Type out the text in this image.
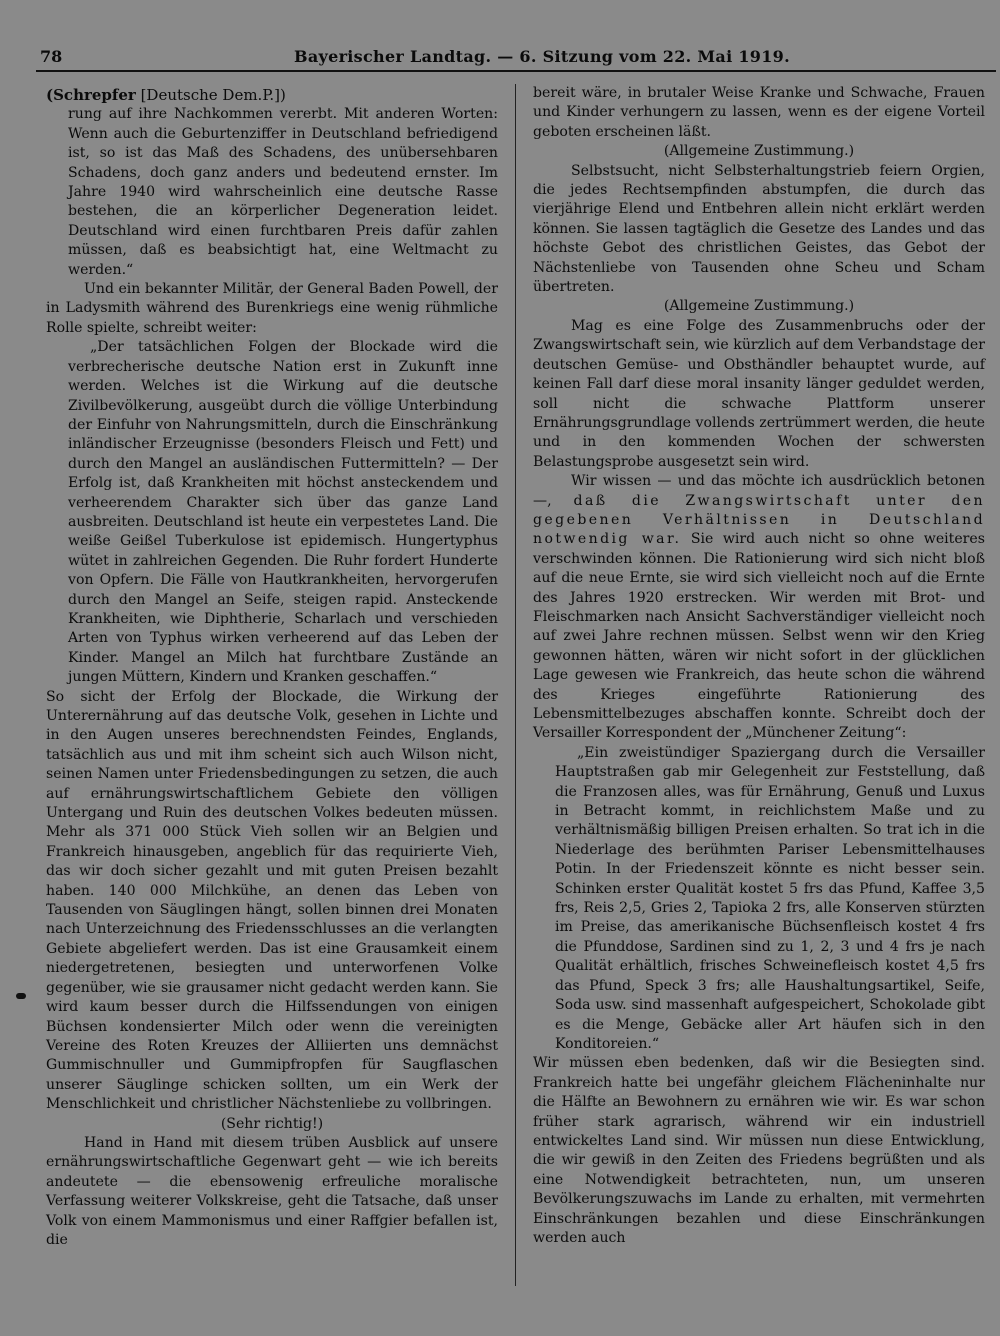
78	Bayerischer Landtag. — 6. Sitzung vom 22. Mai 1919.

(Schrepfer [Deutsche Dem.P.])

rung auf ihre Nachkommen vererbt. Mit anderen Worten: Wenn auch die Geburtenziffer in Deutschland befriedigend ist, so ist das Maß des Schadens, des unübersehbaren Schadens, doch ganz anders und bedeutend ernster. Im Jahre 1940 wird wahrscheinlich eine deutsche Rasse bestehen, die an körperlicher Degeneration leidet. Deutschland wird einen furchtbaren Preis dafür zahlen müssen, daß es beabsichtigt hat, eine Weltmacht zu werden.“

Und ein bekannter Militär, der General Baden Powell, der in Ladysmith während des Burenkriegs eine wenig rühmliche Rolle spielte, schreibt weiter:

„Der tatsächlichen Folgen der Blockade wird die verbrecherische deutsche Nation erst in Zukunft inne werden. Welches ist die Wirkung auf die deutsche Zivilbevölkerung, ausgeübt durch die völlige Unterbindung der Einfuhr von Nahrungsmitteln, durch die Einschränkung inländischer Erzeugnisse (besonders Fleisch und Fett) und durch den Mangel an ausländischen Futtermitteln? — Der Erfolg ist, daß Krankheiten mit höchst ansteckendem und verheerendem Charakter sich über das ganze Land ausbreiten. Deutschland ist heute ein verpestetes Land. Die weiße Geißel Tuberkulose ist epidemisch. Hungertyphus wütet in zahlreichen Gegenden. Die Ruhr fordert Hunderte von Opfern. Die Fälle von Hautkrankheiten, hervorgerufen durch den Mangel an Seife, steigen rapid. Ansteckende Krankheiten, wie Diphtherie, Scharlach und verschieden Arten von Typhus wirken verheerend auf das Leben der Kinder. Mangel an Milch hat furchtbare Zustände an jungen Müttern, Kindern und Kranken geschaffen.“

So sicht der Erfolg der Blockade, die Wirkung der Unterernährung auf das deutsche Volk, gesehen in Lichte und in den Augen unseres berechnendsten Feindes, Englands, tatsächlich aus und mit ihm scheint sich auch Wilson nicht, seinen Namen unter Friedensbedingungen zu setzen, die auch auf ernährungswirtschaftlichem Gebiete den völligen Untergang und Ruin des deutschen Volkes bedeuten müssen. Mehr als 371 000 Stück Vieh sollen wir an Belgien und Frankreich hinausgeben, angeblich für das requirierte Vieh, das wir doch sicher gezahlt und mit guten Preisen bezahlt haben. 140 000 Milchkühe, an denen das Leben von Tausenden von Säuglingen hängt, sollen binnen drei Monaten nach Unterzeichnung des Friedensschlusses an die verlangten Gebiete abgeliefert werden. Das ist eine Grausamkeit einem niedergetretenen, besiegten und unterworfenen Volke gegenüber, wie sie grausamer nicht gedacht werden kann. Sie wird kaum besser durch die Hilfssendungen von einigen Büchsen kondensierter Milch oder wenn die vereinigten Vereine des Roten Kreuzes der Alliierten uns demnächst Gummischnuller und Gummipfropfen für Saugflaschen unserer Säuglinge schicken sollten, um ein Werk der Menschlichkeit und christlicher Nächstenliebe zu vollbringen.

(Sehr richtig!)

Hand in Hand mit diesem trüben Ausblick auf unsere ernährungswirtschaftliche Gegenwart geht — wie ich bereits andeutete — die ebensowenig erfreuliche moralische Verfassung weiterer Volkskreise, geht die Tatsache, daß unser Volk von einem Mammonismus und einer Raffgier befallen ist, die

bereit wäre, in brutaler Weise Kranke und Schwache, Frauen und Kinder verhungern zu lassen, wenn es der eigene Vorteil geboten erscheinen läßt.

(Allgemeine Zustimmung.)

Selbstsucht, nicht Selbsterhaltungstrieb feiern Orgien, die jedes Rechtsempfinden abstumpfen, die durch das vierjährige Elend und Entbehren allein nicht erklärt werden können. Sie lassen tagtäglich die Gesetze des Landes und das höchste Gebot des christlichen Geistes, das Gebot der Nächstenliebe von Tausenden ohne Scheu und Scham übertreten.

(Allgemeine Zustimmung.)

Mag es eine Folge des Zusammenbruchs oder der Zwangswirtschaft sein, wie kürzlich auf dem Verbandstage der deutschen Gemüse- und Obsthändler behauptet wurde, auf keinen Fall darf diese moral insanity länger geduldet werden, soll nicht die schwache Plattform unserer Ernährungsgrundlage vollends zertrümmert werden, die heute und in den kommenden Wochen der schwersten Belastungsprobe ausgesetzt sein wird.

Wir wissen — und das möchte ich ausdrücklich betonen —, daß die Zwangswirtschaft unter den gegebenen Verhältnissen in Deutschland notwendig war. Sie wird auch nicht so ohne weiteres verschwinden können. Die Rationierung wird sich nicht bloß auf die neue Ernte, sie wird sich vielleicht noch auf die Ernte des Jahres 1920 erstrecken. Wir werden mit Brot- und Fleischmarken nach Ansicht Sachverständiger vielleicht noch auf zwei Jahre rechnen müssen. Selbst wenn wir den Krieg gewonnen hätten, wären wir nicht sofort in der glücklichen Lage gewesen wie Frankreich, das heute schon die während des Krieges eingeführte Rationierung des Lebensmittelbezuges abschaffen konnte. Schreibt doch der Versailler Korrespondent der „Münchener Zeitung“:

„Ein zweistündiger Spaziergang durch die Versailler Hauptstraßen gab mir Gelegenheit zur Feststellung, daß die Franzosen alles, was für Ernährung, Genuß und Luxus in Betracht kommt, in reichlichstem Maße und zu verhältnismäßig billigen Preisen erhalten. So trat ich in die Niederlage des berühmten Pariser Lebensmittelhauses Potin. In der Friedenszeit könnte es nicht besser sein. Schinken erster Qualität kostet 5 frs das Pfund, Kaffee 3,5 frs, Reis 2,5, Gries 2, Tapioka 2 frs, alle Konserven stürzten im Preise, das amerikanische Büchsenfleisch kostet 4 frs die Pfunddose, Sardinen sind zu 1, 2, 3 und 4 frs je nach Qualität erhältlich, frisches Schweinefleisch kostet 4,5 frs das Pfund, Speck 3 frs; alle Haushaltungsartikel, Seife, Soda usw. sind massenhaft aufgespeichert, Schokolade gibt es die Menge, Gebäcke aller Art häufen sich in den Konditoreien.“

Wir müssen eben bedenken, daß wir die Besiegten sind. Frankreich hatte bei ungefähr gleichem Flächeninhalte nur die Hälfte an Bewohnern zu ernähren wie wir. Es war schon früher stark agrarisch, während wir ein industriell entwickeltes Land sind. Wir müssen nun diese Entwicklung, die wir gewiß in den Zeiten des Friedens begrüßten und als eine Notwendigkeit betrachteten, nun, um unseren Bevölkerungszuwachs im Lande zu erhalten, mit vermehrten Einschränkungen bezahlen und diese Einschränkungen werden auch
